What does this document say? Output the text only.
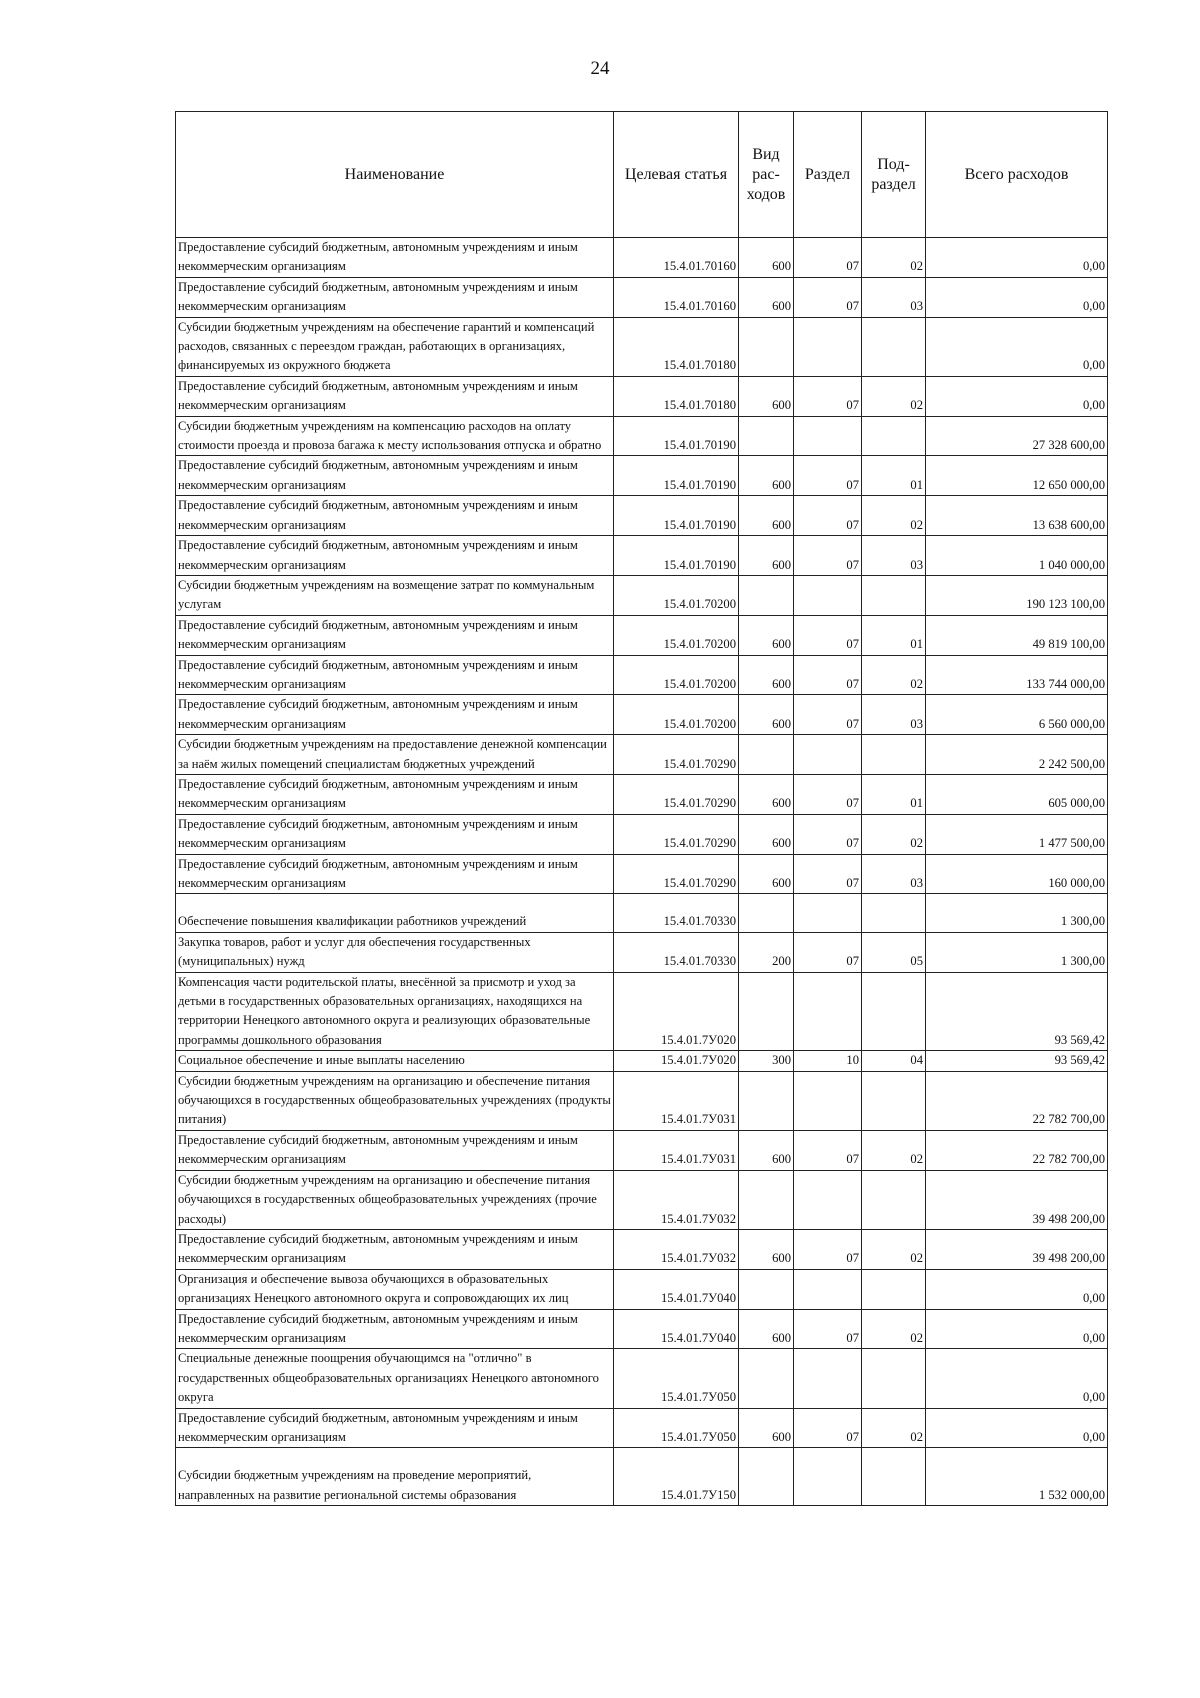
24
Наименование	Целевая статья	Вид рас-ходов	Раздел	Под-раздел	Всего расходов
Предоставление субсидий бюджетным, автономным учреждениям и иным некоммерческим организациям	15.4.01.70160	600	07	02	0,00
Предоставление субсидий бюджетным, автономным учреждениям и иным некоммерческим организациям	15.4.01.70160	600	07	03	0,00
Субсидии бюджетным учреждениям на обеспечение гарантий и компенсаций расходов, связанных с переездом граждан, работающих в организациях, финансируемых из окружного бюджета	15.4.01.70180				0,00
Предоставление субсидий бюджетным, автономным учреждениям и иным некоммерческим организациям	15.4.01.70180	600	07	02	0,00
Субсидии бюджетным учреждениям на компенсацию расходов на оплату стоимости проезда и провоза багажа к месту использования отпуска и обратно	15.4.01.70190				27 328 600,00
Предоставление субсидий бюджетным, автономным учреждениям и иным некоммерческим организациям	15.4.01.70190	600	07	01	12 650 000,00
Предоставление субсидий бюджетным, автономным учреждениям и иным некоммерческим организациям	15.4.01.70190	600	07	02	13 638 600,00
Предоставление субсидий бюджетным, автономным учреждениям и иным некоммерческим организациям	15.4.01.70190	600	07	03	1 040 000,00
Субсидии бюджетным учреждениям на возмещение затрат по коммунальным услугам	15.4.01.70200				190 123 100,00
Предоставление субсидий бюджетным, автономным учреждениям и иным некоммерческим организациям	15.4.01.70200	600	07	01	49 819 100,00
Предоставление субсидий бюджетным, автономным учреждениям и иным некоммерческим организациям	15.4.01.70200	600	07	02	133 744 000,00
Предоставление субсидий бюджетным, автономным учреждениям и иным некоммерческим организациям	15.4.01.70200	600	07	03	6 560 000,00
Субсидии бюджетным учреждениям на предоставление денежной компенсации за наём жилых помещений специалистам бюджетных учреждений	15.4.01.70290				2 242 500,00
Предоставление субсидий бюджетным, автономным учреждениям и иным некоммерческим организациям	15.4.01.70290	600	07	01	605 000,00
Предоставление субсидий бюджетным, автономным учреждениям и иным некоммерческим организациям	15.4.01.70290	600	07	02	1 477 500,00
Предоставление субсидий бюджетным, автономным учреждениям и иным некоммерческим организациям	15.4.01.70290	600	07	03	160 000,00
Обеспечение повышения квалификации работников учреждений	15.4.01.70330				1 300,00
Закупка товаров, работ и услуг для обеспечения государственных (муниципальных) нужд	15.4.01.70330	200	07	05	1 300,00
Компенсация части родительской платы, внесённой за присмотр и уход за детьми в государственных образовательных организациях, находящихся на территории Ненецкого автономного округа и реализующих образовательные программы дошкольного образования	15.4.01.7У020				93 569,42
Социальное обеспечение и иные выплаты населению	15.4.01.7У020	300	10	04	93 569,42
Субсидии бюджетным учреждениям на организацию и обеспечение питания обучающихся в государственных общеобразовательных учреждениях (продукты питания)	15.4.01.7У031				22 782 700,00
Предоставление субсидий бюджетным, автономным учреждениям и иным некоммерческим организациям	15.4.01.7У031	600	07	02	22 782 700,00
Субсидии бюджетным учреждениям на организацию и обеспечение питания обучающихся в государственных общеобразовательных учреждениях (прочие расходы)	15.4.01.7У032				39 498 200,00
Предоставление субсидий бюджетным, автономным учреждениям и иным некоммерческим организациям	15.4.01.7У032	600	07	02	39 498 200,00
Организация и обеспечение вывоза обучающихся в образовательных организациях Ненецкого автономного округа и сопровождающих их лиц	15.4.01.7У040				0,00
Предоставление субсидий бюджетным, автономным учреждениям и иным некоммерческим организациям	15.4.01.7У040	600	07	02	0,00
Специальные денежные поощрения обучающимся на "отлично" в государственных общеобразовательных организациях Ненецкого автономного округа	15.4.01.7У050				0,00
Предоставление субсидий бюджетным, автономным учреждениям и иным некоммерческим организациям	15.4.01.7У050	600	07	02	0,00
Субсидии бюджетным учреждениям на проведение мероприятий, направленных на развитие региональной системы образования	15.4.01.7У150				1 532 000,00
